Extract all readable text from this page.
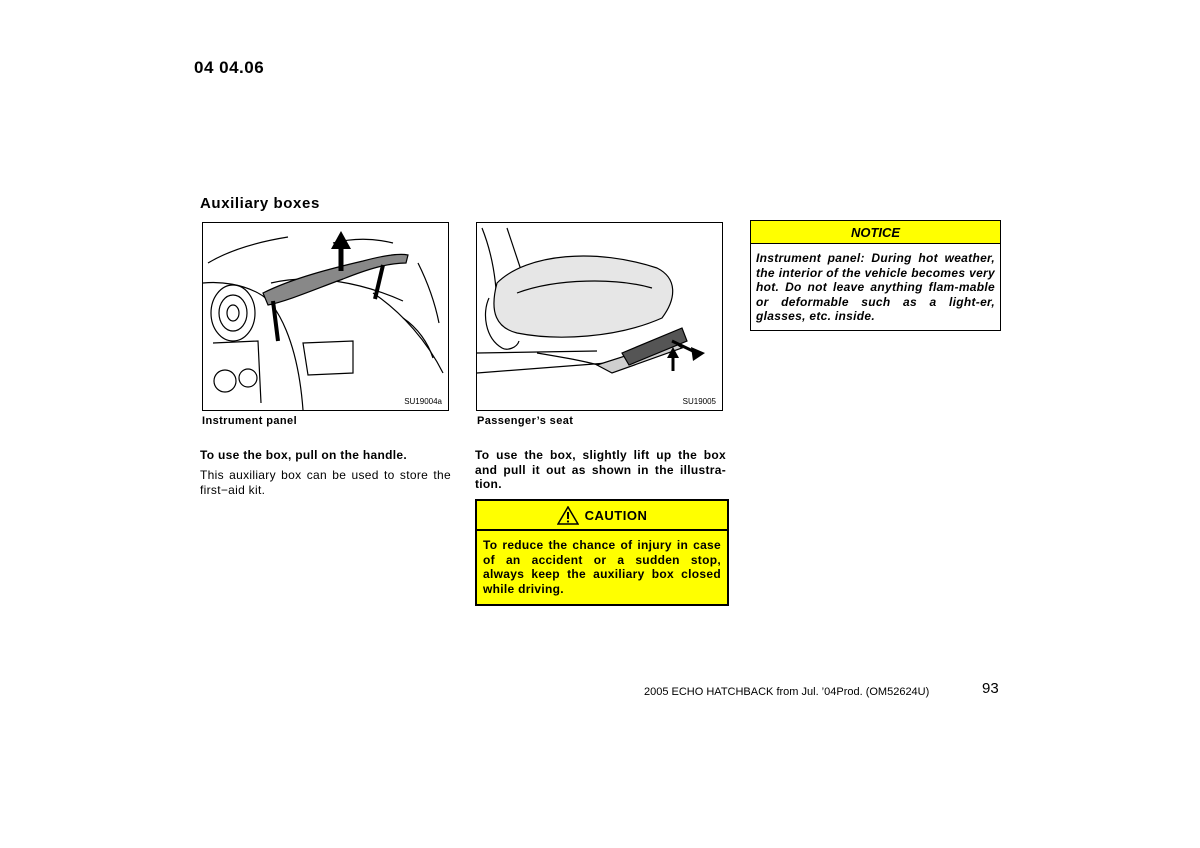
04 04.06
Auxiliary boxes
SU19004a
Instrument panel
SU19005
Passenger’s seat
To use the box, pull on the handle.
This auxiliary box can be used to store the first−aid kit.
To use the box, slightly lift up the box and pull it out as shown in the illustra-tion.
CAUTION
To reduce the chance of injury in case of an accident or a sudden stop, always keep the auxiliary box closed while driving.
NOTICE
Instrument panel: During hot weather, the interior of the vehicle becomes very hot. Do not leave anything flam-mable or deformable such as a light-er, glasses, etc. inside.
2005 ECHO HATCHBACK from Jul. ’04Prod. (OM52624U)	93
